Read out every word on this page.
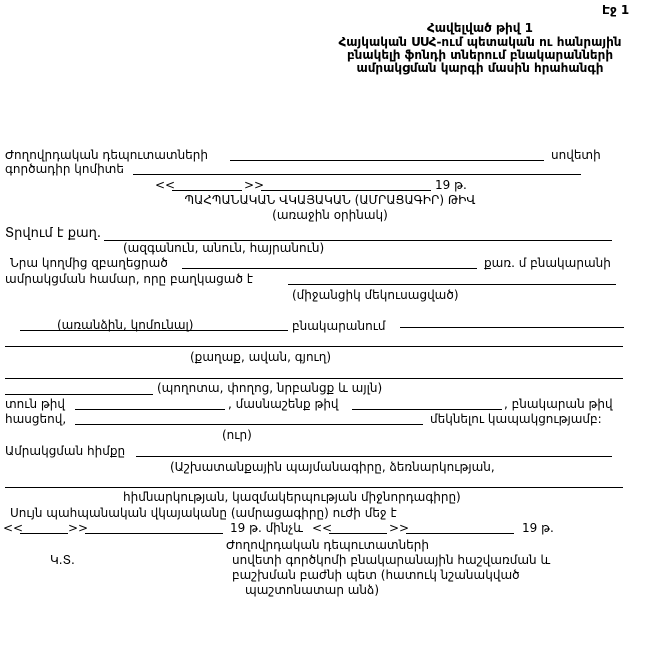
Էջ 1
Հավելված թիվ 1
Հայկական ՍՍՀ-ում պետական ու հանրային
բնակելի ֆոնդի տներում բնակարանների
ամրակցման կարգի մասին հրահանգի
Ժողովրդական դեպուտատների	սովետի
գործադիր կոմիտե
<<	>>	19 թ.
ՊԱՀՊԱՆԱԿԱՆ ՎԿԱՅԱԿԱՆ (ԱՄՐԱՑԱԳԻՐ) ԹԻՎ
(առաջին օրինակ)
Տրվում է քաղ.
(ազգանուն, անուն, հայրանուն)
Նրա կողմից զբաղեցրած	քառ. մ բնակարանի
ամրակցման համար, որը բաղկացած է
(միջանցիկ մեկուսացված)
(առանձին, կոմունալ)	բնակարանում
(քաղաք, ավան, գյուղ)
(պողոտա, փողոց, նրբանցք և այլն)
տուն թիվ	, մասնաշենք թիվ	, բնակարան թիվ
հասցեով,	մեկնելու կապակցությամբ:
(ուր)
Ամրակցման հիմքը
(Աշխատանքային պայմանագիրը, ձեռնարկության,
հիմնարկության, կազմակերպության միջնորդագիրը)
Սույն պահպանական վկայականը (ամրացագիրը) ուժի մեջ է
<<	>>	19 թ. մինչև <<	>>	19 թ.
Ժողովրդական դեպուտատների
Կ.Տ.	սովետի գործկոմի բնակարանային հաշվառման և
բաշխման բաժնի պետ (հատուկ նշանակված
պաշտոնատար անձ)
